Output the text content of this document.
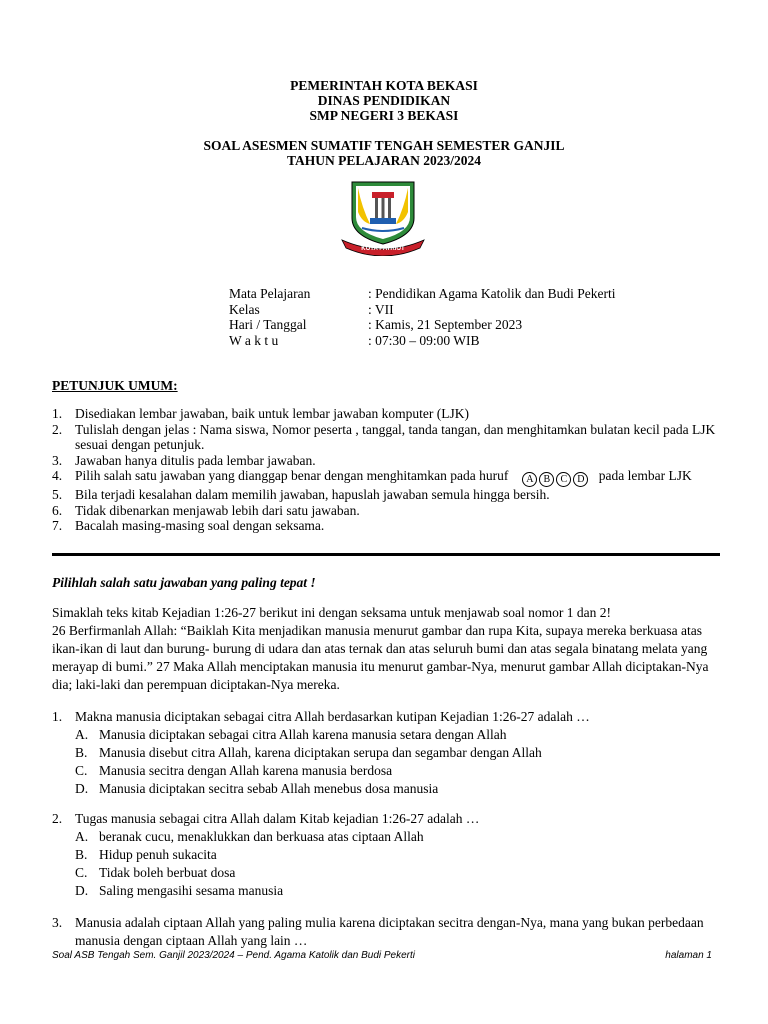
PEMERINTAH KOTA BEKASI
DINAS PENDIDIKAN
SMP NEGERI 3 BEKASI
SOAL ASESMEN SUMATIF TENGAH SEMESTER GANJIL
TAHUN PELAJARAN 2023/2024
KOTA PATRIOT
Mata Pelajaran	: Pendidikan Agama Katolik dan Budi Pekerti
Kelas	: VII
Hari / Tanggal	: Kamis, 21 September 2023
W a k t u	: 07:30 – 09:00 WIB
PETUNJUK UMUM:
1. Disediakan lembar jawaban, baik untuk lembar jawaban komputer (LJK)
2. Tulislah dengan jelas : Nama siswa, Nomor peserta , tanggal, tanda tangan, dan menghitamkan bulatan kecil pada LJK sesuai dengan petunjuk.
3. Jawaban hanya ditulis pada lembar jawaban.
4. Pilih salah satu jawaban yang dianggap benar dengan menghitamkan pada huruf A B C D pada lembar LJK
5. Bila terjadi kesalahan dalam memilih jawaban, hapuslah jawaban semula hingga bersih.
6. Tidak dibenarkan menjawab lebih dari satu jawaban.
7. Bacalah masing-masing soal dengan seksama.
Pilihlah salah satu jawaban yang paling tepat !
Simaklah teks kitab Kejadian 1:26-27 berikut ini dengan seksama untuk menjawab soal nomor 1 dan 2!
26 Berfirmanlah Allah: “Baiklah Kita menjadikan manusia menurut gambar dan rupa Kita, supaya mereka berkuasa atas ikan-ikan di laut dan burung- burung di udara dan atas ternak dan atas seluruh bumi dan atas segala binatang melata yang merayap di bumi.” 27 Maka Allah menciptakan manusia itu menurut gambar-Nya, menurut gambar Allah diciptakan-Nya dia; laki-laki dan perempuan diciptakan-Nya mereka.
1. Makna manusia diciptakan sebagai citra Allah berdasarkan kutipan Kejadian 1:26-27 adalah …
A. Manusia diciptakan sebagai citra Allah karena manusia setara dengan Allah
B. Manusia disebut citra Allah, karena diciptakan serupa dan segambar dengan Allah
C. Manusia secitra dengan Allah karena manusia berdosa
D. Manusia diciptakan secitra sebab Allah menebus dosa manusia
2. Tugas manusia sebagai citra Allah dalam Kitab kejadian 1:26-27 adalah …
A. beranak cucu, menaklukkan dan berkuasa atas ciptaan Allah
B. Hidup penuh sukacita
C. Tidak boleh berbuat dosa
D. Saling mengasihi sesama manusia
3. Manusia adalah ciptaan Allah yang paling mulia karena diciptakan secitra dengan-Nya, mana yang bukan perbedaan manusia dengan ciptaan Allah yang lain …
Soal ASB Tengah Sem. Ganjil 2023/2024 – Pend. Agama Katolik dan Budi Pekerti	halaman 1
